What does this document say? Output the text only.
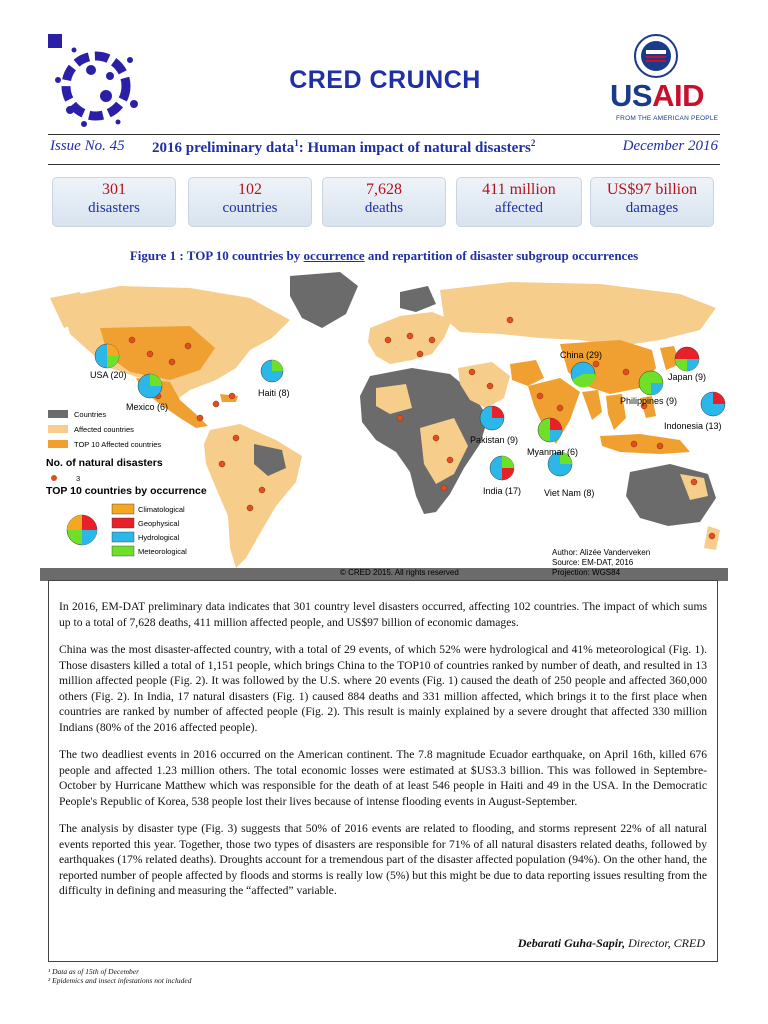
CRED CRUNCH	USAID
FROM THE AMERICAN PEOPLE
Issue No. 45 2016 preliminary data$^1$: Human impact of natural disasters$^2$	December 2016
301
disasters
102
countries
7,628
deaths
411 million
affected
US$97 billion
damages
Figure 1 : TOP 10 countries by occurrence and repartition of disaster subgroup occurrences
USA (20)
Mexico (6)
Haiti (8)
China (29)
Japan (9)
Philippines (9)
Indonesia (13)
Pakistan (9)
Myanmar (6)
India (17)	Viet Nam (8)
Countries
Affected countries
TOP 10 Affected countries
No. of natural disasters
3
TOP 10 countries by occurrence
Climatological
Geophysical
Hydrological
Meteorological
© CRED 2015. All rights reserved
Author: Alizée Vanderveken
Source: EM-DAT, 2016
Projection: WGS84

In 2016, EM-DAT preliminary data indicates that 301 country level disasters occurred, affecting 102 countries. The impact of which sums up to a total of 7,628 deaths, 411 million affected people, and US$97 billion of economic damages.

China was the most disaster-affected country, with a total of 29 events, of which 52% were hydrological and 41% meteorological (Fig. 1). Those disasters killed a total of 1,151 people, which brings China to the TOP10 of countries ranked by number of death, and resulted in 13 million affected people (Fig. 2). It was followed by the U.S. where 20 events (Fig. 1) caused the death of 250 people and affected 360,000 others (Fig. 2). In India, 17 natural disasters (Fig. 1) caused 884 deaths and 331 million affected, which brings it to the first place when countries are ranked by number of affected people (Fig. 2). This result is mainly explained by a severe drought that affected 330 million Indians (80% of the 2016 affected people).

The two deadliest events in 2016 occurred on the American continent. The 7.8 magnitude Ecuador earthquake, on April 16th, killed 676 people and affected 1.23 million others. The total economic losses were estimated at $US3.3 billion. This was followed in Septembre-October by Hurricane Matthew which was responsible for the death of at least 546 people in Haiti and 49 in the USA. In the Democratic People's Republic of Korea, 538 people lost their lives because of intense flooding events in August-September.

The analysis by disaster type (Fig. 3) suggests that 50% of 2016 events are related to flooding, and storms represent 22% of all natural events reported this year. Together, those two types of disasters are responsible for 71% of all natural disasters related deaths, followed by earthquakes (17% related deaths). Droughts account for a tremendous part of the disaster affected population (94%). On the other hand, the reported number of people affected by floods and storms is really low (5%) but this might be due to data reporting issues resulting from the difficulty in defining and measuring the “affected” variable.

Debarati Guha-Sapir, Director, CRED
¹ Data as of 15th of December
² Epidemics and insect infestations not included
